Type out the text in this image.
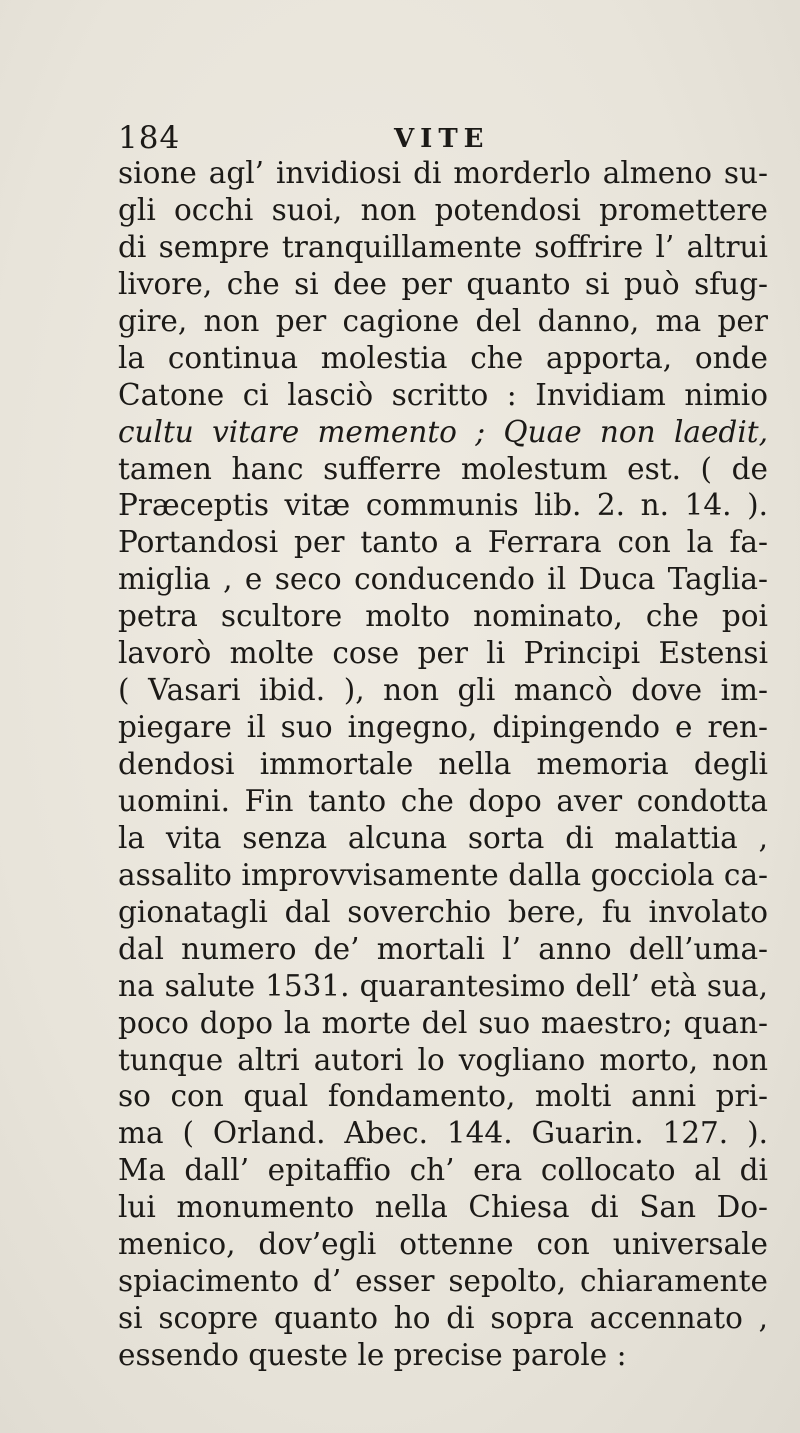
184	VITE
sione agl’ invidiosi di morderlo almeno su-
gli occhi suoi, non potendosi promettere
di sempre tranquillamente soffrire l’ altrui
livore, che si dee per quanto si può sfug-
gire, non per cagione del danno, ma per
la continua molestia che apporta, onde
Catone ci lasciò scritto : Invidiam nimio
cultu vitare memento ; Quae non laedit,
tamen hanc sufferre molestum est. ( de
Præceptis vitæ communis lib. 2. n. 14. ).
Portandosi per tanto a Ferrara con la fa-
miglia , e seco conducendo il Duca Taglia-
petra scultore molto nominato, che poi
lavorò molte cose per li Principi Estensi
( Vasari ibid. ), non gli mancò dove im-
piegare il suo ingegno, dipingendo e ren-
dendosi immortale nella memoria degli
uomini. Fin tanto che dopo aver condotta
la vita senza alcuna sorta di malattia ,
assalito improvvisamente dalla gocciola ca-
gionatagli dal soverchio bere, fu involato
dal numero de’ mortali l’ anno dell’uma-
na salute 1531. quarantesimo dell’ età sua,
poco dopo la morte del suo maestro; quan-
tunque altri autori lo vogliano morto, non
so con qual fondamento, molti anni pri-
ma ( Orland. Abec. 144. Guarin. 127. ).
Ma dall’ epitaffio ch’ era collocato al di
lui monumento nella Chiesa di San Do-
menico, dov’egli ottenne con universale
spiacimento d’ esser sepolto, chiaramente
si scopre quanto ho di sopra accennato ,
essendo queste le precise parole :
